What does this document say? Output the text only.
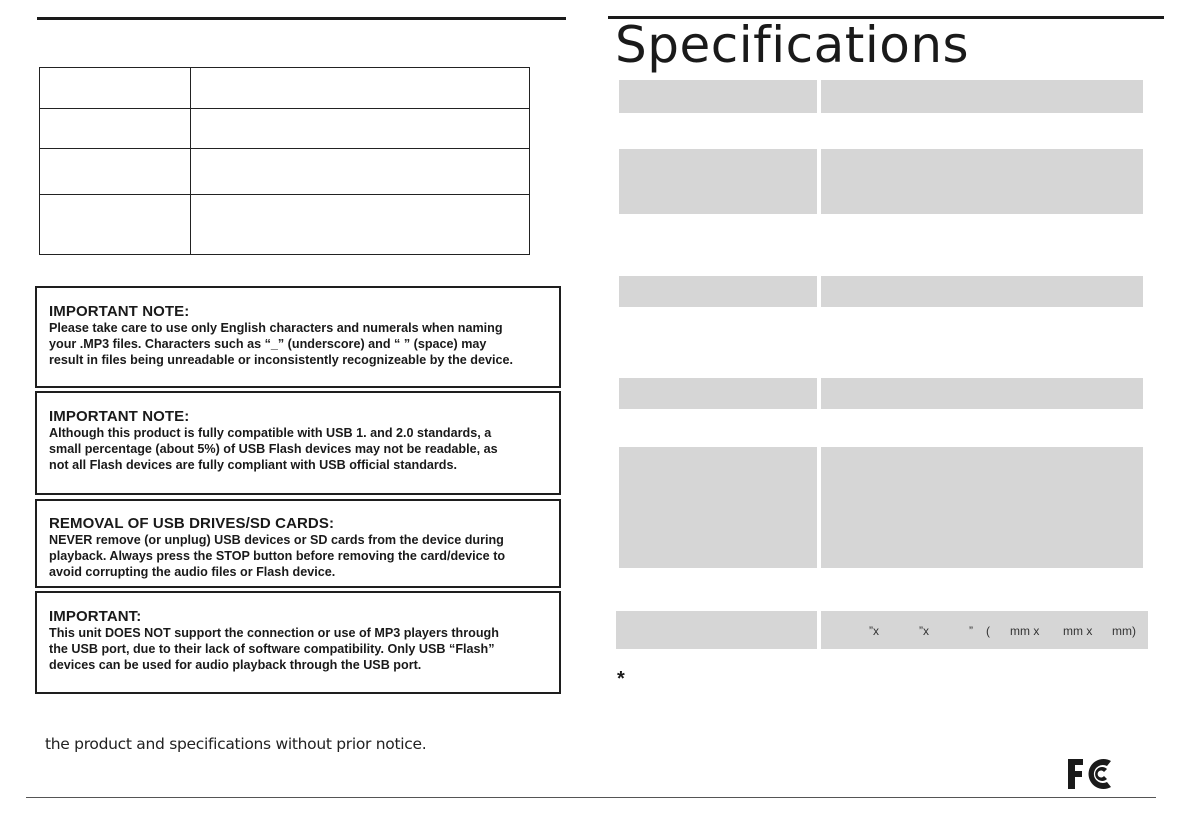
IMPORTANT NOTE:
Please take care to use only English characters and numerals when naming
your .MP3 files. Characters such as “_” (underscore) and “ ” (space) may
result in files being unreadable or inconsistently recognizeable by the device.
IMPORTANT NOTE:
Although this product is fully compatible with USB 1. and 2.0 standards, a
small percentage (about 5%) of USB Flash devices may not be readable, as
not all Flash devices are fully compliant with USB official standards.
REMOVAL OF USB DRIVES/SD CARDS:
NEVER remove (or unplug) USB devices or SD cards from the device during
playback. Always press the STOP button before removing the card/device to
avoid corrupting the audio files or Flash device.
IMPORTANT:
This unit DOES NOT support the connection or use of MP3 players through
the USB port, due to their lack of software compatibility. Only USB “Flash”
devices can be used for audio playback through the USB port.
the product and specifications without prior notice.
Specifications
”x	”x	” ( mm x mm x mm)
*
